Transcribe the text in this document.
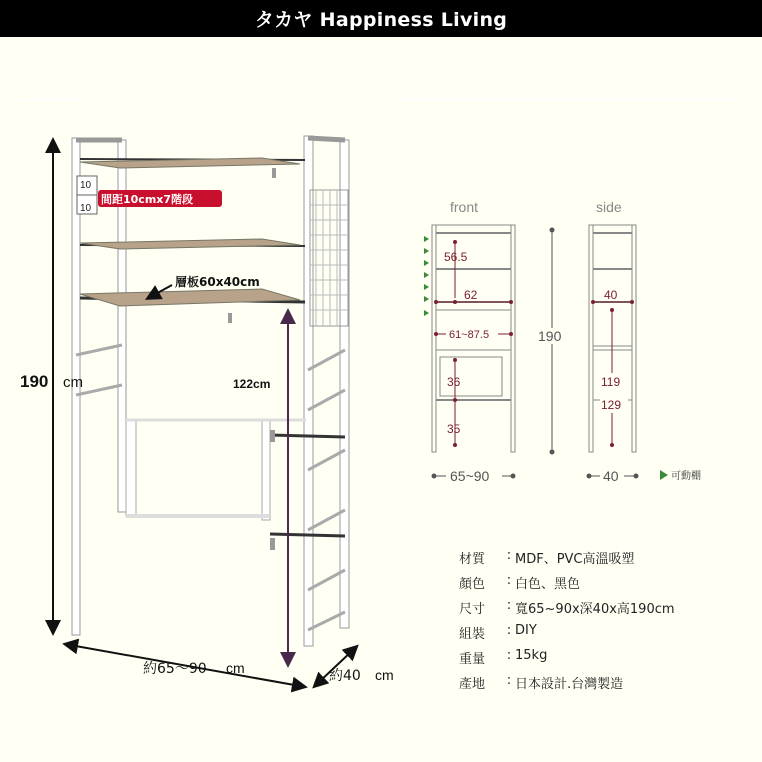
タカヤ Happiness Living
190 cm
10
10
間距10cmx7階段
層板60x40cm
122cm
約65～90 cm	約40 cm
front
56.5
62
61~87.5
36
35
190
65~90
side
40
119
129
40	可動棚
材質	: MDF、PVC高溫吸塑
顏色	: 白色、黑色
尺寸	: 寬65~90x深40x高190cm
組裝	: DIY
重量	: 15kg
產地	: 日本設計.台灣製造
